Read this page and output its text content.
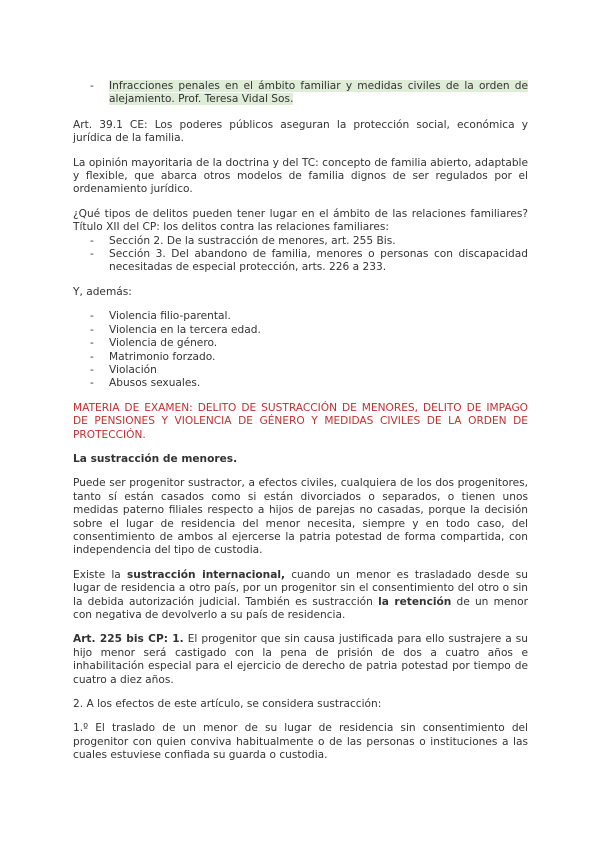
- Infracciones penales en el ámbito familiar y medidas civiles de la orden de alejamiento. Prof. Teresa Vidal Sos.

Art. 39.1 CE: Los poderes públicos aseguran la protección social, económica y jurídica de la familia.

La opinión mayoritaria de la doctrina y del TC: concepto de familia abierto, adaptable y flexible, que abarca otros modelos de familia dignos de ser regulados por el ordenamiento jurídico.

¿Qué tipos de delitos pueden tener lugar en el ámbito de las relaciones familiares? Título XII del CP: los delitos contra las relaciones familiares:

- Sección 2. De la sustracción de menores, art. 255 Bis.
- Sección 3. Del abandono de familia, menores o personas con discapacidad necesitadas de especial protección, arts. 226 a 233.

Y, además:

- Violencia filio-parental.
- Violencia en la tercera edad.
- Violencia de género.
- Matrimonio forzado.
- Violación
- Abusos sexuales.

MATERIA DE EXAMEN: DELITO DE SUSTRACCIÓN DE MENORES, DELITO DE IMPAGO DE PENSIONES Y VIOLENCIA DE GÉNERO Y MEDIDAS CIVILES DE LA ORDEN DE PROTECCIÓN.

La sustracción de menores.

Puede ser progenitor sustractor, a efectos civiles, cualquiera de los dos progenitores, tanto sí están casados como si están divorciados o separados, o tienen unos medidas paterno filiales respecto a hijos de parejas no casadas, porque la decisión sobre el lugar de residencia del menor necesita, siempre y en todo caso, del consentimiento de ambos al ejercerse la patria potestad de forma compartida, con independencia del tipo de custodia.

Existe la sustracción internacional, cuando un menor es trasladado desde su lugar de residencia a otro país, por un progenitor sin el consentimiento del otro o sin la debida autorización judicial. También es sustracción la retención de un menor con negativa de devolverlo a su país de residencia.

Art. 225 bis CP: 1. El progenitor que sin causa justificada para ello sustrajere a su hijo menor será castigado con la pena de prisión de dos a cuatro años e inhabilitación especial para el ejercicio de derecho de patria potestad por tiempo de cuatro a diez años.

2. A los efectos de este artículo, se considera sustracción:

1.º El traslado de un menor de su lugar de residencia sin consentimiento del progenitor con quien conviva habitualmente o de las personas o instituciones a las cuales estuviese confiada su guarda o custodia.
